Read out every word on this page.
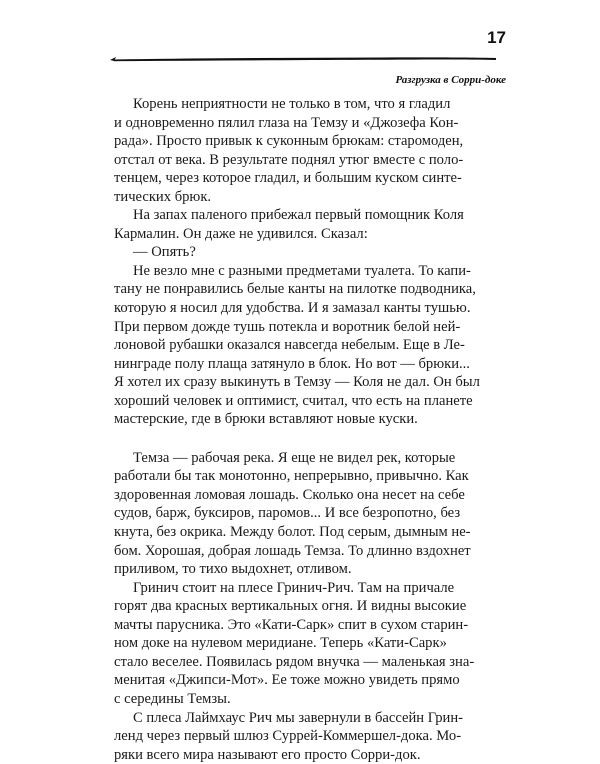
17
Разгрузка в Сорри-доке

Корень неприятности не только в том, что я гладил

и одновременно пялил глаза на Темзу и «Джозефа Кон-

рада». Просто привык к суконным брюкам: старомоден,

отстал от века. В результате поднял утюг вместе с поло-

тенцем, через которое гладил, и большим куском синте-

тических брюк.

На запах паленого прибежал первый помощник Коля

Кармалин. Он даже не удивился. Сказал:

— Опять?

Не везло мне с разными предметами туалета. То капи-

тану не понравились белые канты на пилотке подводника,

которую я носил для удобства. И я замазал канты тушью.

При первом дожде тушь потекла и воротник белой ней-

лоновой рубашки оказался навсегда небелым. Еще в Ле-

нинграде полу плаща затянуло в блок. Но вот — брюки...

Я хотел их сразу выкинуть в Темзу — Коля не дал. Он был

хороший человек и оптимист, считал, что есть на планете

мастерские, где в брюки вставляют новые куски.

Темза — рабочая река. Я еще не видел рек, которые

работали бы так монотонно, непрерывно, привычно. Как

здоровенная ломовая лошадь. Сколько она несет на себе

судов, барж, буксиров, паромов... И все безропотно, без

кнута, без окрика. Между болот. Под серым, дымным не-

бом. Хорошая, добрая лошадь Темза. То длинно вздохнет

приливом, то тихо выдохнет, отливом.

Гринич стоит на плесе Гринич-Рич. Там на причале

горят два красных вертикальных огня. И видны высокие

мачты парусника. Это «Кати-Сарк» спит в сухом старин-

ном доке на нулевом меридиане. Теперь «Кати-Сарк»

стало веселее. Появилась рядом внучка — маленькая зна-

менитая «Джипси-Мот». Ее тоже можно увидеть прямо

с середины Темзы.

С плеса Лаймхаус Рич мы завернули в бассейн Грин-

ленд через первый шлюз Суррей-Коммершел-дока. Мо-

ряки всего мира называют его просто Сорри-док.
